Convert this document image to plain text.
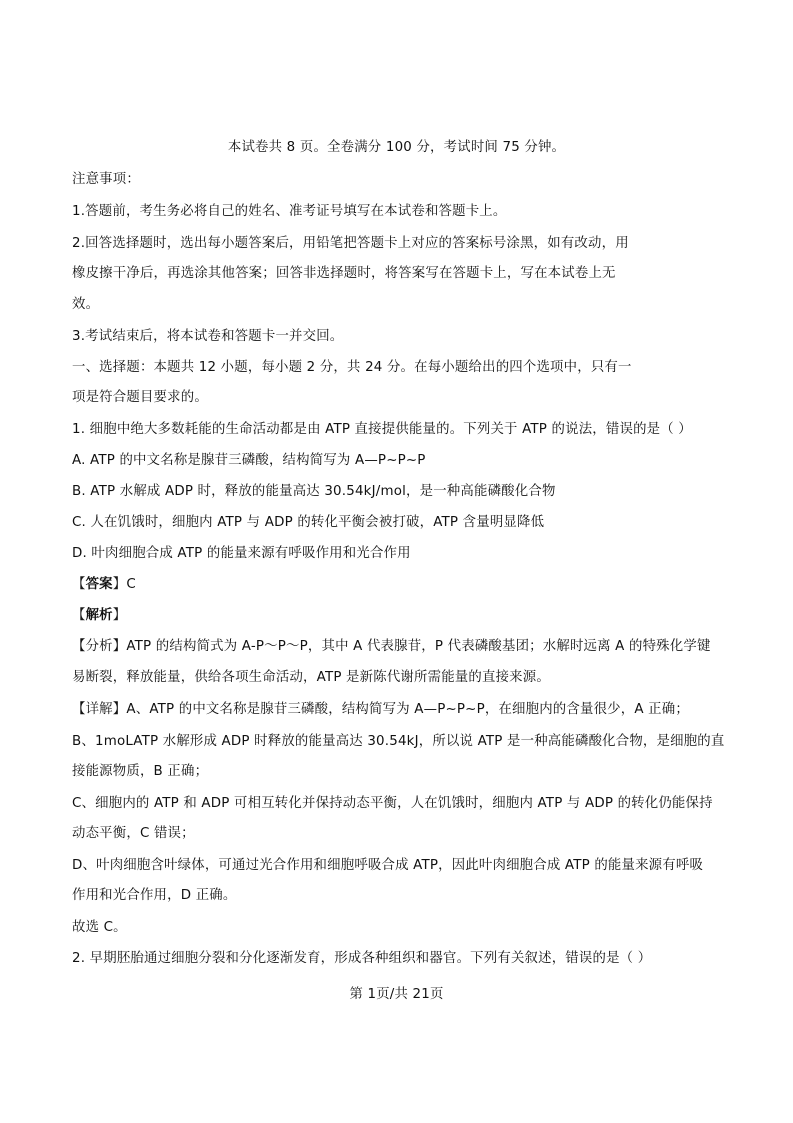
本试卷共 8 页。全卷满分 100 分，考试时间 75 分钟。
注意事项：
1.答题前，考生务必将自己的姓名、准考证号填写在本试卷和答题卡上。
2.回答选择题时，选出每小题答案后，用铅笔把答题卡上对应的答案标号涂黑，如有改动，用
橡皮擦干净后，再选涂其他答案；回答非选择题时，将答案写在答题卡上，写在本试卷上无
效。
3.考试结束后，将本试卷和答题卡一并交回。
一、选择题：本题共 12 小题，每小题 2 分，共 24 分。在每小题给出的四个选项中，只有一
项是符合题目要求的。
1. 细胞中绝大多数耗能的生命活动都是由 ATP 直接提供能量的。下列关于 ATP 的说法，错误的是（ ）
A. ATP 的中文名称是腺苷三磷酸，结构简写为 A—P~P~P
B. ATP 水解成 ADP 时，释放的能量高达 30.54kJ/mol，是一种高能磷酸化合物
C. 人在饥饿时，细胞内 ATP 与 ADP 的转化平衡会被打破，ATP 含量明显降低
D. 叶肉细胞合成 ATP 的能量来源有呼吸作用和光合作用
【答案】C
【解析】
【分析】ATP 的结构简式为 A-P～P～P，其中 A 代表腺苷，P 代表磷酸基团；水解时远离 A 的特殊化学键
易断裂，释放能量，供给各项生命活动，ATP 是新陈代谢所需能量的直接来源。
【详解】A、ATP 的中文名称是腺苷三磷酸，结构简写为 A—P~P~P，在细胞内的含量很少，A 正确；
B、1moLATP 水解形成 ADP 时释放的能量高达 30.54kJ，所以说 ATP 是一种高能磷酸化合物，是细胞的直
接能源物质，B 正确；
C、细胞内的 ATP 和 ADP 可相互转化并保持动态平衡，人在饥饿时，细胞内 ATP 与 ADP 的转化仍能保持
动态平衡，C 错误；
D、叶肉细胞含叶绿体，可通过光合作用和细胞呼吸合成 ATP，因此叶肉细胞合成 ATP 的能量来源有呼吸
作用和光合作用，D 正确。
故选 C。
2. 早期胚胎通过细胞分裂和分化逐渐发育，形成各种组织和器官。下列有关叙述，错误的是（ ）
第 1页/共 21页
